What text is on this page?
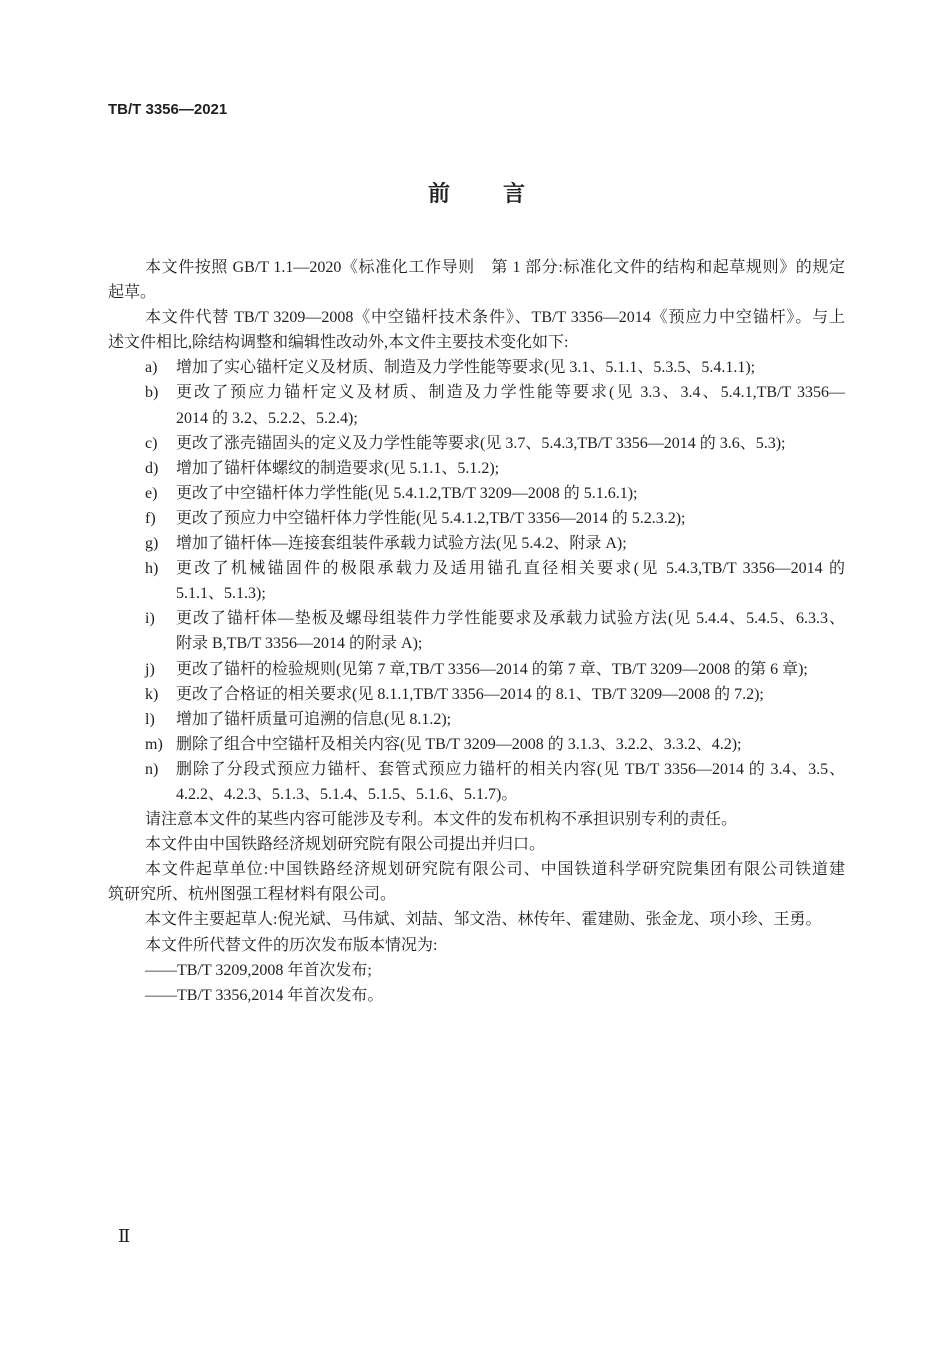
TB/T 3356—2021
前　言
本文件按照 GB/T 1.1—2020《标准化工作导则　第 1 部分:标准化文件的结构和起草规则》的规定
起草。
本文件代替 TB/T 3209—2008《中空锚杆技术条件》、TB/T 3356—2014《预应力中空锚杆》。与上
述文件相比,除结构调整和编辑性改动外,本文件主要技术变化如下:
a) 增加了实心锚杆定义及材质、制造及力学性能等要求(见 3.1、5.1.1、5.3.5、5.4.1.1);
b) 更改了预应力锚杆定义及材质、制造及力学性能等要求(见 3.3、3.4、5.4.1,TB/T 3356—
2014 的 3.2、5.2.2、5.2.4);
c) 更改了涨壳锚固头的定义及力学性能等要求(见 3.7、5.4.3,TB/T 3356—2014 的 3.6、5.3);
d) 增加了锚杆体螺纹的制造要求(见 5.1.1、5.1.2);
e) 更改了中空锚杆体力学性能(见 5.4.1.2,TB/T 3209—2008 的 5.1.6.1);
f) 更改了预应力中空锚杆体力学性能(见 5.4.1.2,TB/T 3356—2014 的 5.2.3.2);
g) 增加了锚杆体—连接套组装件承载力试验方法(见 5.4.2、附录 A);
h) 更改了机械锚固件的极限承载力及适用锚孔直径相关要求(见 5.4.3,TB/T 3356—2014 的
5.1.1、5.1.3);
i) 更改了锚杆体—垫板及螺母组装件力学性能要求及承载力试验方法(见 5.4.4、5.4.5、6.3.3、
附录 B,TB/T 3356—2014 的附录 A);
j) 更改了锚杆的检验规则(见第 7 章,TB/T 3356—2014 的第 7 章、TB/T 3209—2008 的第 6 章);
k) 更改了合格证的相关要求(见 8.1.1,TB/T 3356—2014 的 8.1、TB/T 3209—2008 的 7.2);
l) 增加了锚杆质量可追溯的信息(见 8.1.2);
m) 删除了组合中空锚杆及相关内容(见 TB/T 3209—2008 的 3.1.3、3.2.2、3.3.2、4.2);
n) 删除了分段式预应力锚杆、套管式预应力锚杆的相关内容(见 TB/T 3356—2014 的 3.4、3.5、
4.2.2、4.2.3、5.1.3、5.1.4、5.1.5、5.1.6、5.1.7)。
请注意本文件的某些内容可能涉及专利。本文件的发布机构不承担识别专利的责任。
本文件由中国铁路经济规划研究院有限公司提出并归口。
本文件起草单位:中国铁路经济规划研究院有限公司、中国铁道科学研究院集团有限公司铁道建
筑研究所、杭州图强工程材料有限公司。
本文件主要起草人:倪光斌、马伟斌、刘喆、邹文浩、林传年、霍建勋、张金龙、项小珍、王勇。
本文件所代替文件的历次发布版本情况为:
——TB/T 3209,2008 年首次发布;
——TB/T 3356,2014 年首次发布。
Ⅱ
